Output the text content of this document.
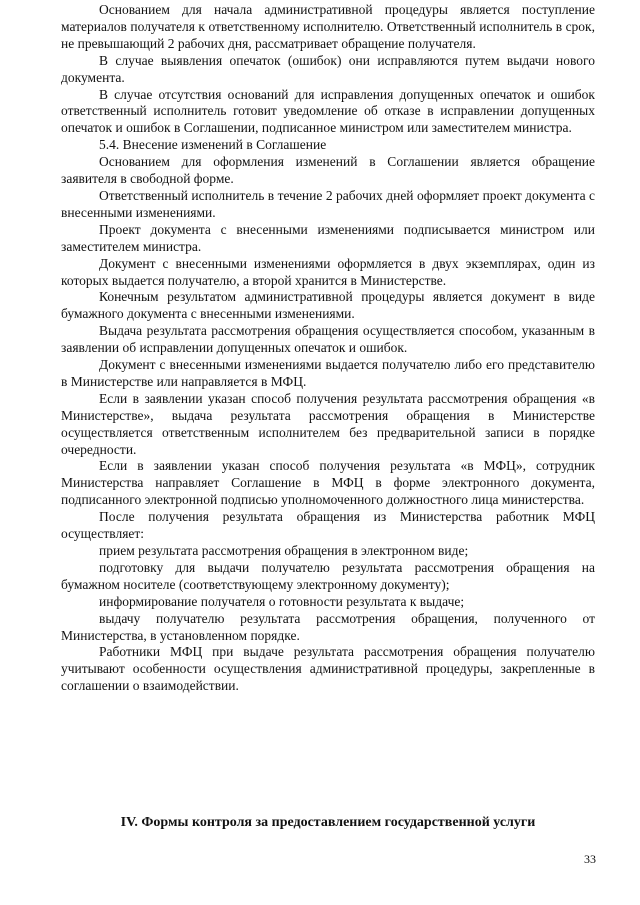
Основанием для начала административной процедуры является поступление материалов получателя к ответственному исполнителю. Ответственный исполнитель в срок, не превышающий 2 рабочих дня, рассматривает обращение получателя.

В случае выявления опечаток (ошибок) они исправляются путем выдачи нового документа.

В случае отсутствия оснований для исправления допущенных опечаток и ошибок ответственный исполнитель готовит уведомление об отказе в исправлении допущенных опечаток и ошибок в Соглашении, подписанное министром или заместителем министра.

5.4. Внесение изменений в Соглашение

Основанием для оформления изменений в Соглашении является обращение заявителя в свободной форме.

Ответственный исполнитель в течение 2 рабочих дней оформляет проект документа с внесенными изменениями.

Проект документа с внесенными изменениями подписывается министром или заместителем министра.

Документ с внесенными изменениями оформляется в двух экземплярах, один из которых выдается получателю, а второй хранится в Министерстве.

Конечным результатом административной процедуры является документ в виде бумажного документа с внесенными изменениями.

Выдача результата рассмотрения обращения осуществляется способом, указанным в заявлении об исправлении допущенных опечаток и ошибок.

Документ с внесенными изменениями выдается получателю либо его представителю в Министерстве или направляется в МФЦ.

Если в заявлении указан способ получения результата рассмотрения обращения «в Министерстве», выдача результата рассмотрения обращения в Министерстве осуществляется ответственным исполнителем без предварительной записи в порядке очередности.

Если в заявлении указан способ получения результата «в МФЦ», сотрудник Министерства направляет Соглашение в МФЦ в форме электронного документа, подписанного электронной подписью уполномоченного должностного лица министерства.

После получения результата обращения из Министерства работник МФЦ осуществляет:

прием результата рассмотрения обращения в электронном виде;

подготовку для выдачи получателю результата рассмотрения обращения на бумажном носителе (соответствующему электронному документу);

информирование получателя о готовности результата к выдаче;

выдачу получателю результата рассмотрения обращения, полученного от Министерства, в установленном порядке.

Работники МФЦ при выдаче результата рассмотрения обращения получателю учитывают особенности осуществления административной процедуры, закрепленные в соглашении о взаимодействии.

IV. Формы контроля за предоставлением государственной услуги
33
